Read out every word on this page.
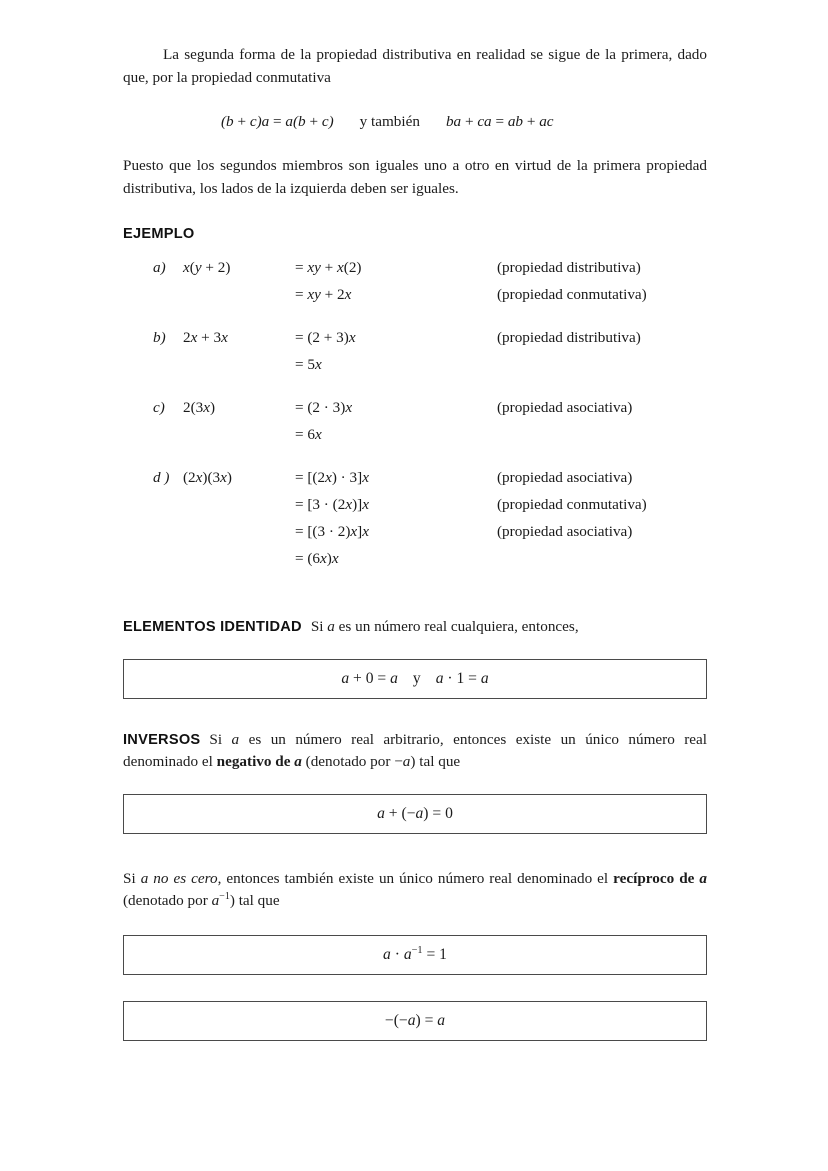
La segunda forma de la propiedad distributiva en realidad se sigue de la primera, dado que, por la propiedad conmutativa

(b + c)a = a(b + c) y también ba + ca = ab + ac

Puesto que los segundos miembros son iguales uno a otro en virtud de la primera propiedad distributiva, los lados de la izquierda deben ser iguales.

EJEMPLO
a)	x(y + 2)	= xy + x(2)	(propiedad distributiva)
		= xy + 2x	(propiedad conmutativa)

b)	2x + 3x	= (2 + 3)x	(propiedad distributiva)
		= 5x	

c)	2(3x)	= (2 · 3)x	(propiedad asociativa)
		= 6x	

d )	(2x)(3x)	= [(2x) · 3]x	(propiedad asociativa)
		= [3 · (2x)]x	(propiedad conmutativa)
		= [(3 · 2)x]x	(propiedad asociativa)
		= (6x)x	
ELEMENTOS IDENTIDAD Si a es un número real cualquiera, entonces,
a + 0 = a y a · 1 = a
INVERSOS Si a es un número real arbitrario, entonces existe un único número real denominado el negativo de a (denotado por −a) tal que
a + (−a) = 0

Si a no es cero, entonces también existe un único número real denominado el recíproco de a (denotado por $a^{-1}$) tal que

$a \cdot a^{-1} = 1$
−(−a) = a
